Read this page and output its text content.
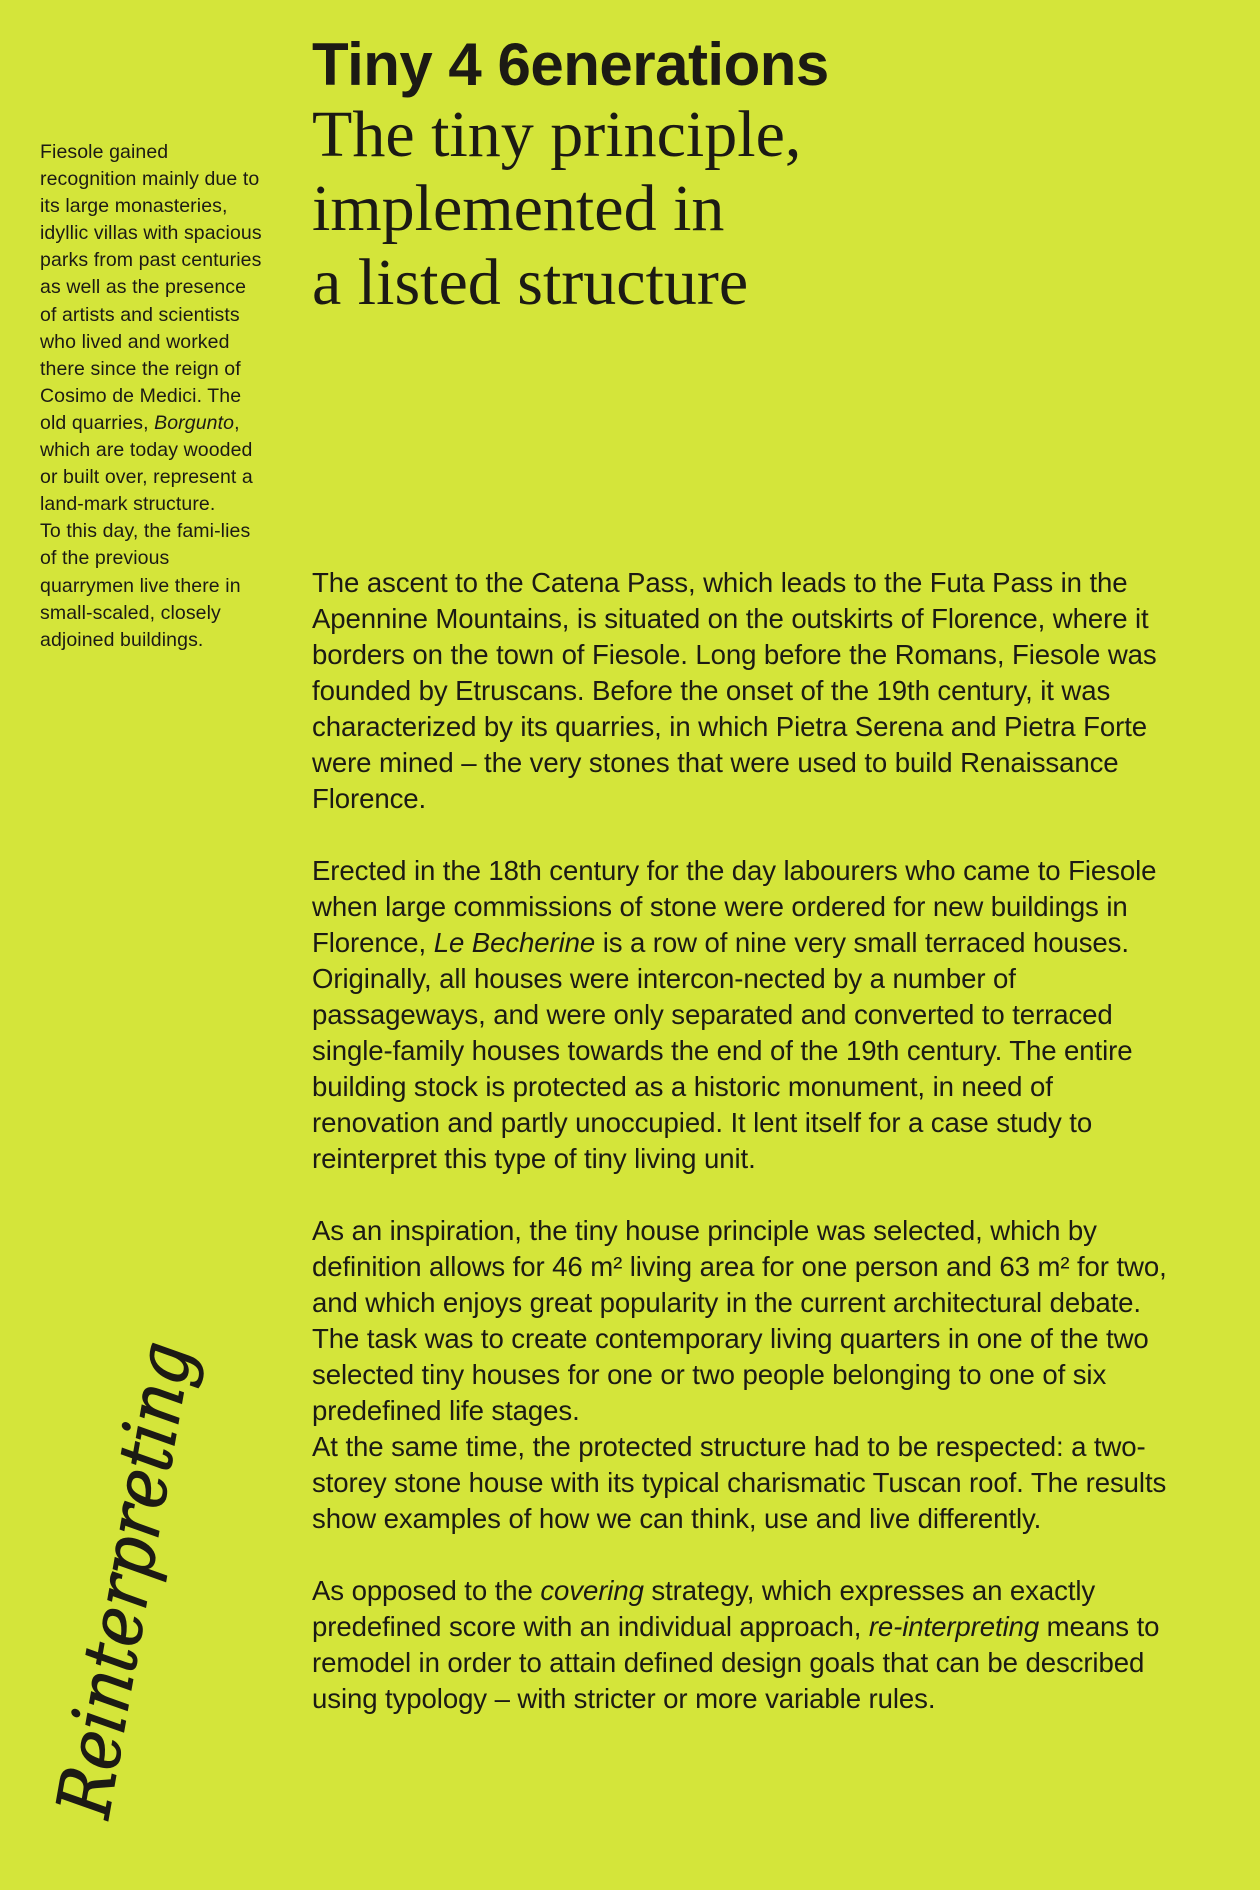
Tiny 4 6enerations
The tiny principle,
implemented in
a listed structure

Fiesole gained recognition mainly due to its large monasteries, idyllic villas with spacious parks from past centuries as well as the presence of artists and scientists who lived and worked there since the reign of Cosimo de Medici. The old quarries, Borgunto, which are today wooded or built over, represent a land-mark structure.

To this day, the fami-lies of the previous quarrymen live there in small-scaled, closely adjoined buildings.

The ascent to the Catena Pass, which leads to the Futa Pass in the Apennine Mountains, is situated on the outskirts of Florence, where it borders on the town of Fiesole. Long before the Romans, Fiesole was founded by Etruscans. Before the onset of the 19th century, it was characterized by its quarries, in which Pietra Serena and Pietra Forte were mined – the very stones that were used to build Renaissance Florence.

Erected in the 18th century for the day labourers who came to Fiesole when large commissions of stone were ordered for new buildings in Florence, Le Becherine is a row of nine very small terraced houses. Originally, all houses were intercon-nected by a number of passageways, and were only separated and converted to terraced single-family houses towards the end of the 19th century. The entire building stock is protected as a historic monument, in need of renovation and partly unoccupied. It lent itself for a case study to reinterpret this type of tiny living unit.

As an inspiration, the tiny house principle was selected, which by definition allows for 46 m² living area for one person and 63 m² for two, and which enjoys great popularity in the current architectural debate. The task was to create contemporary living quarters in one of the two selected tiny houses for one or two people belonging to one of six predefined life stages.
At the same time, the protected structure had to be respected: a two-storey stone house with its typical charismatic Tuscan roof. The results show examples of how we can think, use and live differently.

As opposed to the covering strategy, which expresses an exactly predefined score with an individual approach, re-interpreting means to remodel in order to attain defined design goals that can be described using typology – with stricter or more variable rules.

Reinterpreting
